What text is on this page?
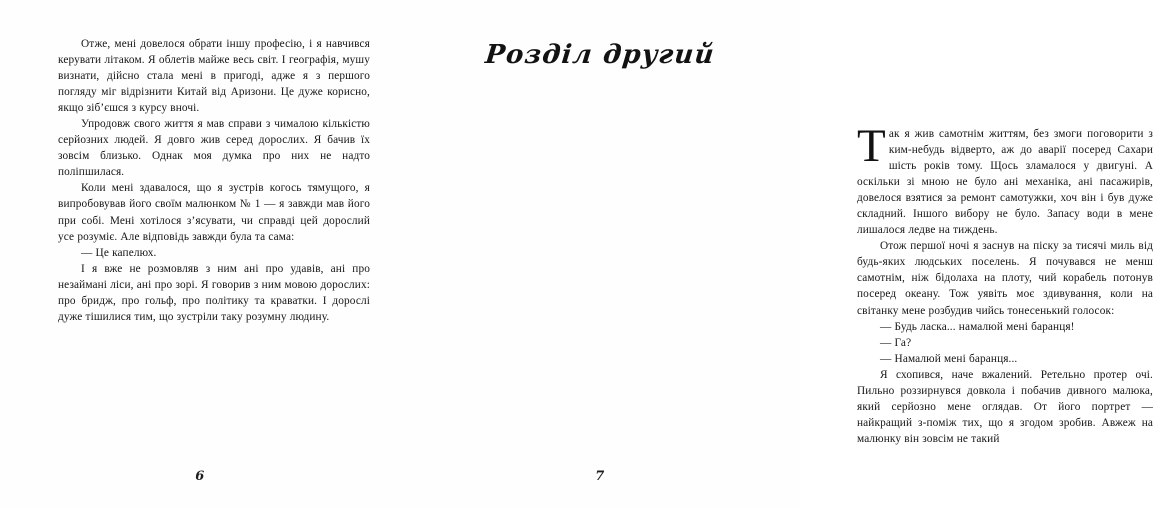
Отже, мені довелося обрати іншу професію, і я навчився керувати літаком. Я облетів майже весь світ. І географія, мушу визнати, дійсно стала мені в пригоді, адже я з першого погляду міг відрізнити Китай від Аризони. Це дуже корисно, якщо зіб’єшся з курсу вночі.

Упродовж свого життя я мав справи з чималою кількістю серйозних людей. Я довго жив серед дорослих. Я бачив їх зовсім близько. Однак моя думка про них не надто поліпшилася.

Коли мені здавалося, що я зустрів когось тямущого, я випробовував його своїм малюнком № 1 — я завжди мав його при собі. Мені хотілося з’ясувати, чи справді цей дорослий усе розуміє. Але відповідь завжди була та сама:

— Це капелюх.

І я вже не розмовляв з ним ані про удавів, ані про незаймані ліси, ані про зорі. Я говорив з ним мовою дорослих: про бридж, про гольф, про політику та краватки. І дорослі дуже тішилися тим, що зустріли таку розумну людину.

6
Розділ другий

Так я жив самотнім життям, без змоги поговорити з ким-небудь відверто, аж до аварії посеред Сахари шість років тому. Щось зламалося у двигуні. А оскільки зі мною не було ані механіка, ані пасажирів, довелося взятися за ремонт самотужки, хоч він і був дуже складний. Іншого вибору не було. Запасу води в мене лишалося ледве на тиждень.

Отож першої ночі я заснув на піску за тисячі миль від будь-яких людських поселень. Я почувався не менш самотнім, ніж бідолаха на плоту, чий корабель потонув посеред океану. Тож уявіть моє здивування, коли на світанку мене розбудив чийсь тонесенький голосок:

— Будь ласка... намалюй мені баранця!

— Га?

— Намалюй мені баранця...

Я схопився, наче вжалений. Ретельно протер очі. Пильно роззирнувся довкола і побачив дивного малюка, який серйозно мене оглядав. От його портрет — найкращий з-поміж тих, що я згодом зробив. Авжеж на малюнку він зовсім не такий

7
